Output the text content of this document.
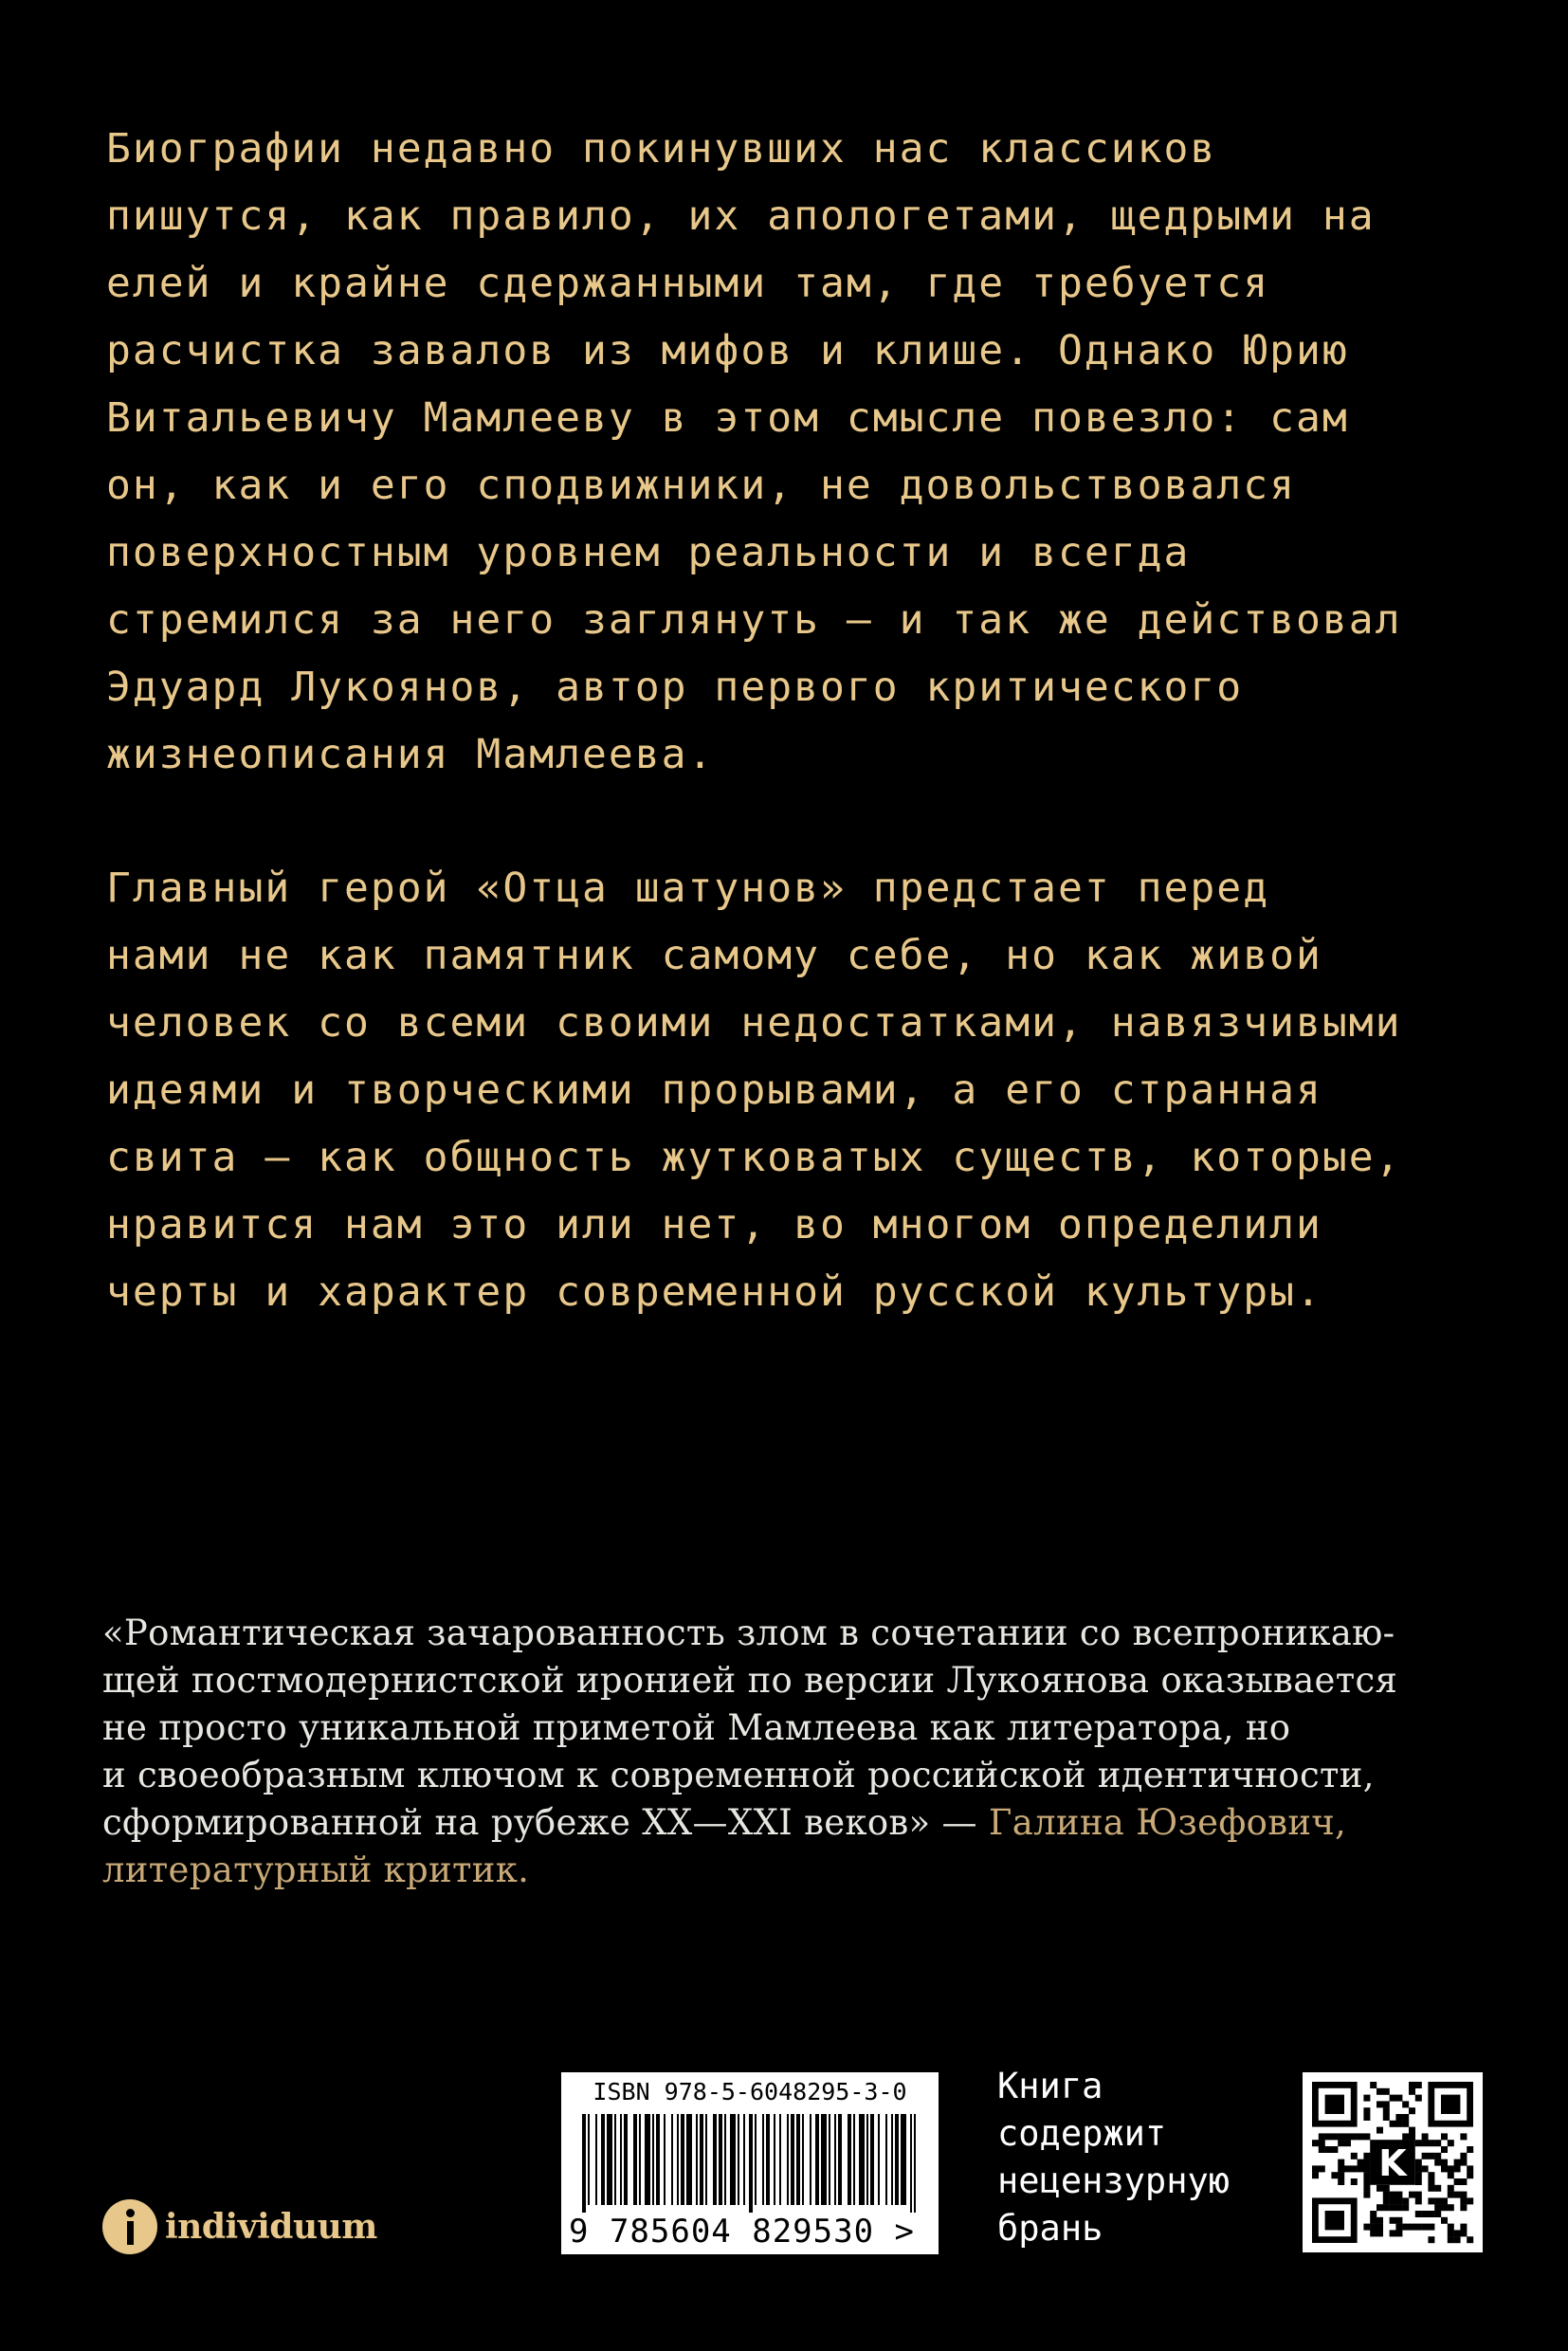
Биографии недавно покинувших нас классиков
пишутся, как правило, их апологетами, щедрыми на
елей и крайне сдержанными там, где требуется
расчистка завалов из мифов и клише. Однако Юрию
Витальевичу Мамлееву в этом смысле повезло: сам
он, как и его сподвижники, не довольствовался
поверхностным уровнем реальности и всегда
стремился за него заглянуть — и так же действовал
Эдуард Лукоянов, автор первого критического
жизнеописания Мамлеева.

Главный герой «Отца шатунов» предстает перед
нами не как памятник самому себе, но как живой
человек со всеми своими недостатками, навязчивыми
идеями и творческими прорывами, а его странная
свита — как общность жутковатых существ, которые,
нравится нам это или нет, во многом определили
черты и характер современной русской культуры.

«Романтическая зачарованность злом в сочетании со всепроникаю-
щей постмодернистской иронией по версии Лукоянова оказывается
не просто уникальной приметой Мамлеева как литератора, но
и своеобразным ключом к современной российской идентичности,
сформированной на рубеже XX—XXI веков» — Галина Юзефович,
литературный критик.

individuum
ISBN 978-5-6048295-3-0
9 785604 829530 >

Книга
содержит
нецензурную
брань

K
